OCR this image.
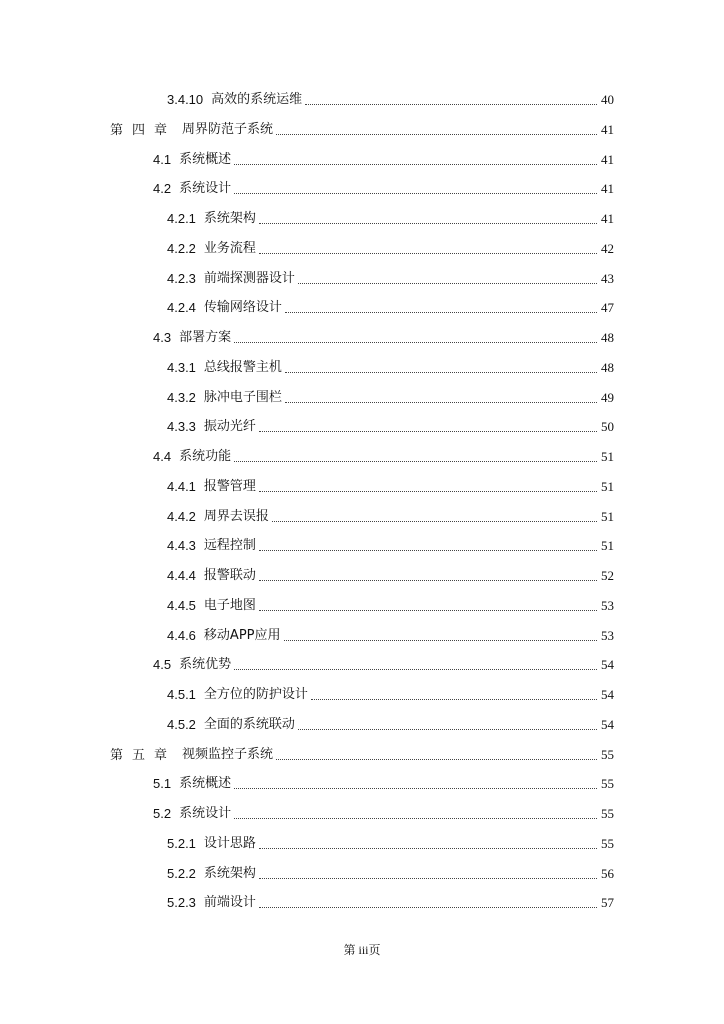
3.4.10 高效的系统运维	40
第四章 周界防范子系统	41
4.1 系统概述	41
4.2 系统设计	41
4.2.1 系统架构	41
4.2.2 业务流程	42
4.2.3 前端探测器设计	43
4.2.4 传输网络设计	47
4.3 部署方案	48
4.3.1 总线报警主机	48
4.3.2 脉冲电子围栏	49
4.3.3 振动光纤	50
4.4 系统功能	51
4.4.1 报警管理	51
4.4.2 周界去误报	51
4.4.3 远程控制	51
4.4.4 报警联动	52
4.4.5 电子地图	53
4.4.6 移动APP应用	53
4.5 系统优势	54
4.5.1 全方位的防护设计	54
4.5.2 全面的系统联动	54
第五章 视频监控子系统	55
5.1 系统概述	55
5.2 系统设计	55
5.2.1 设计思路	55
5.2.2 系统架构	56
5.2.3 前端设计	57
第 iii页
